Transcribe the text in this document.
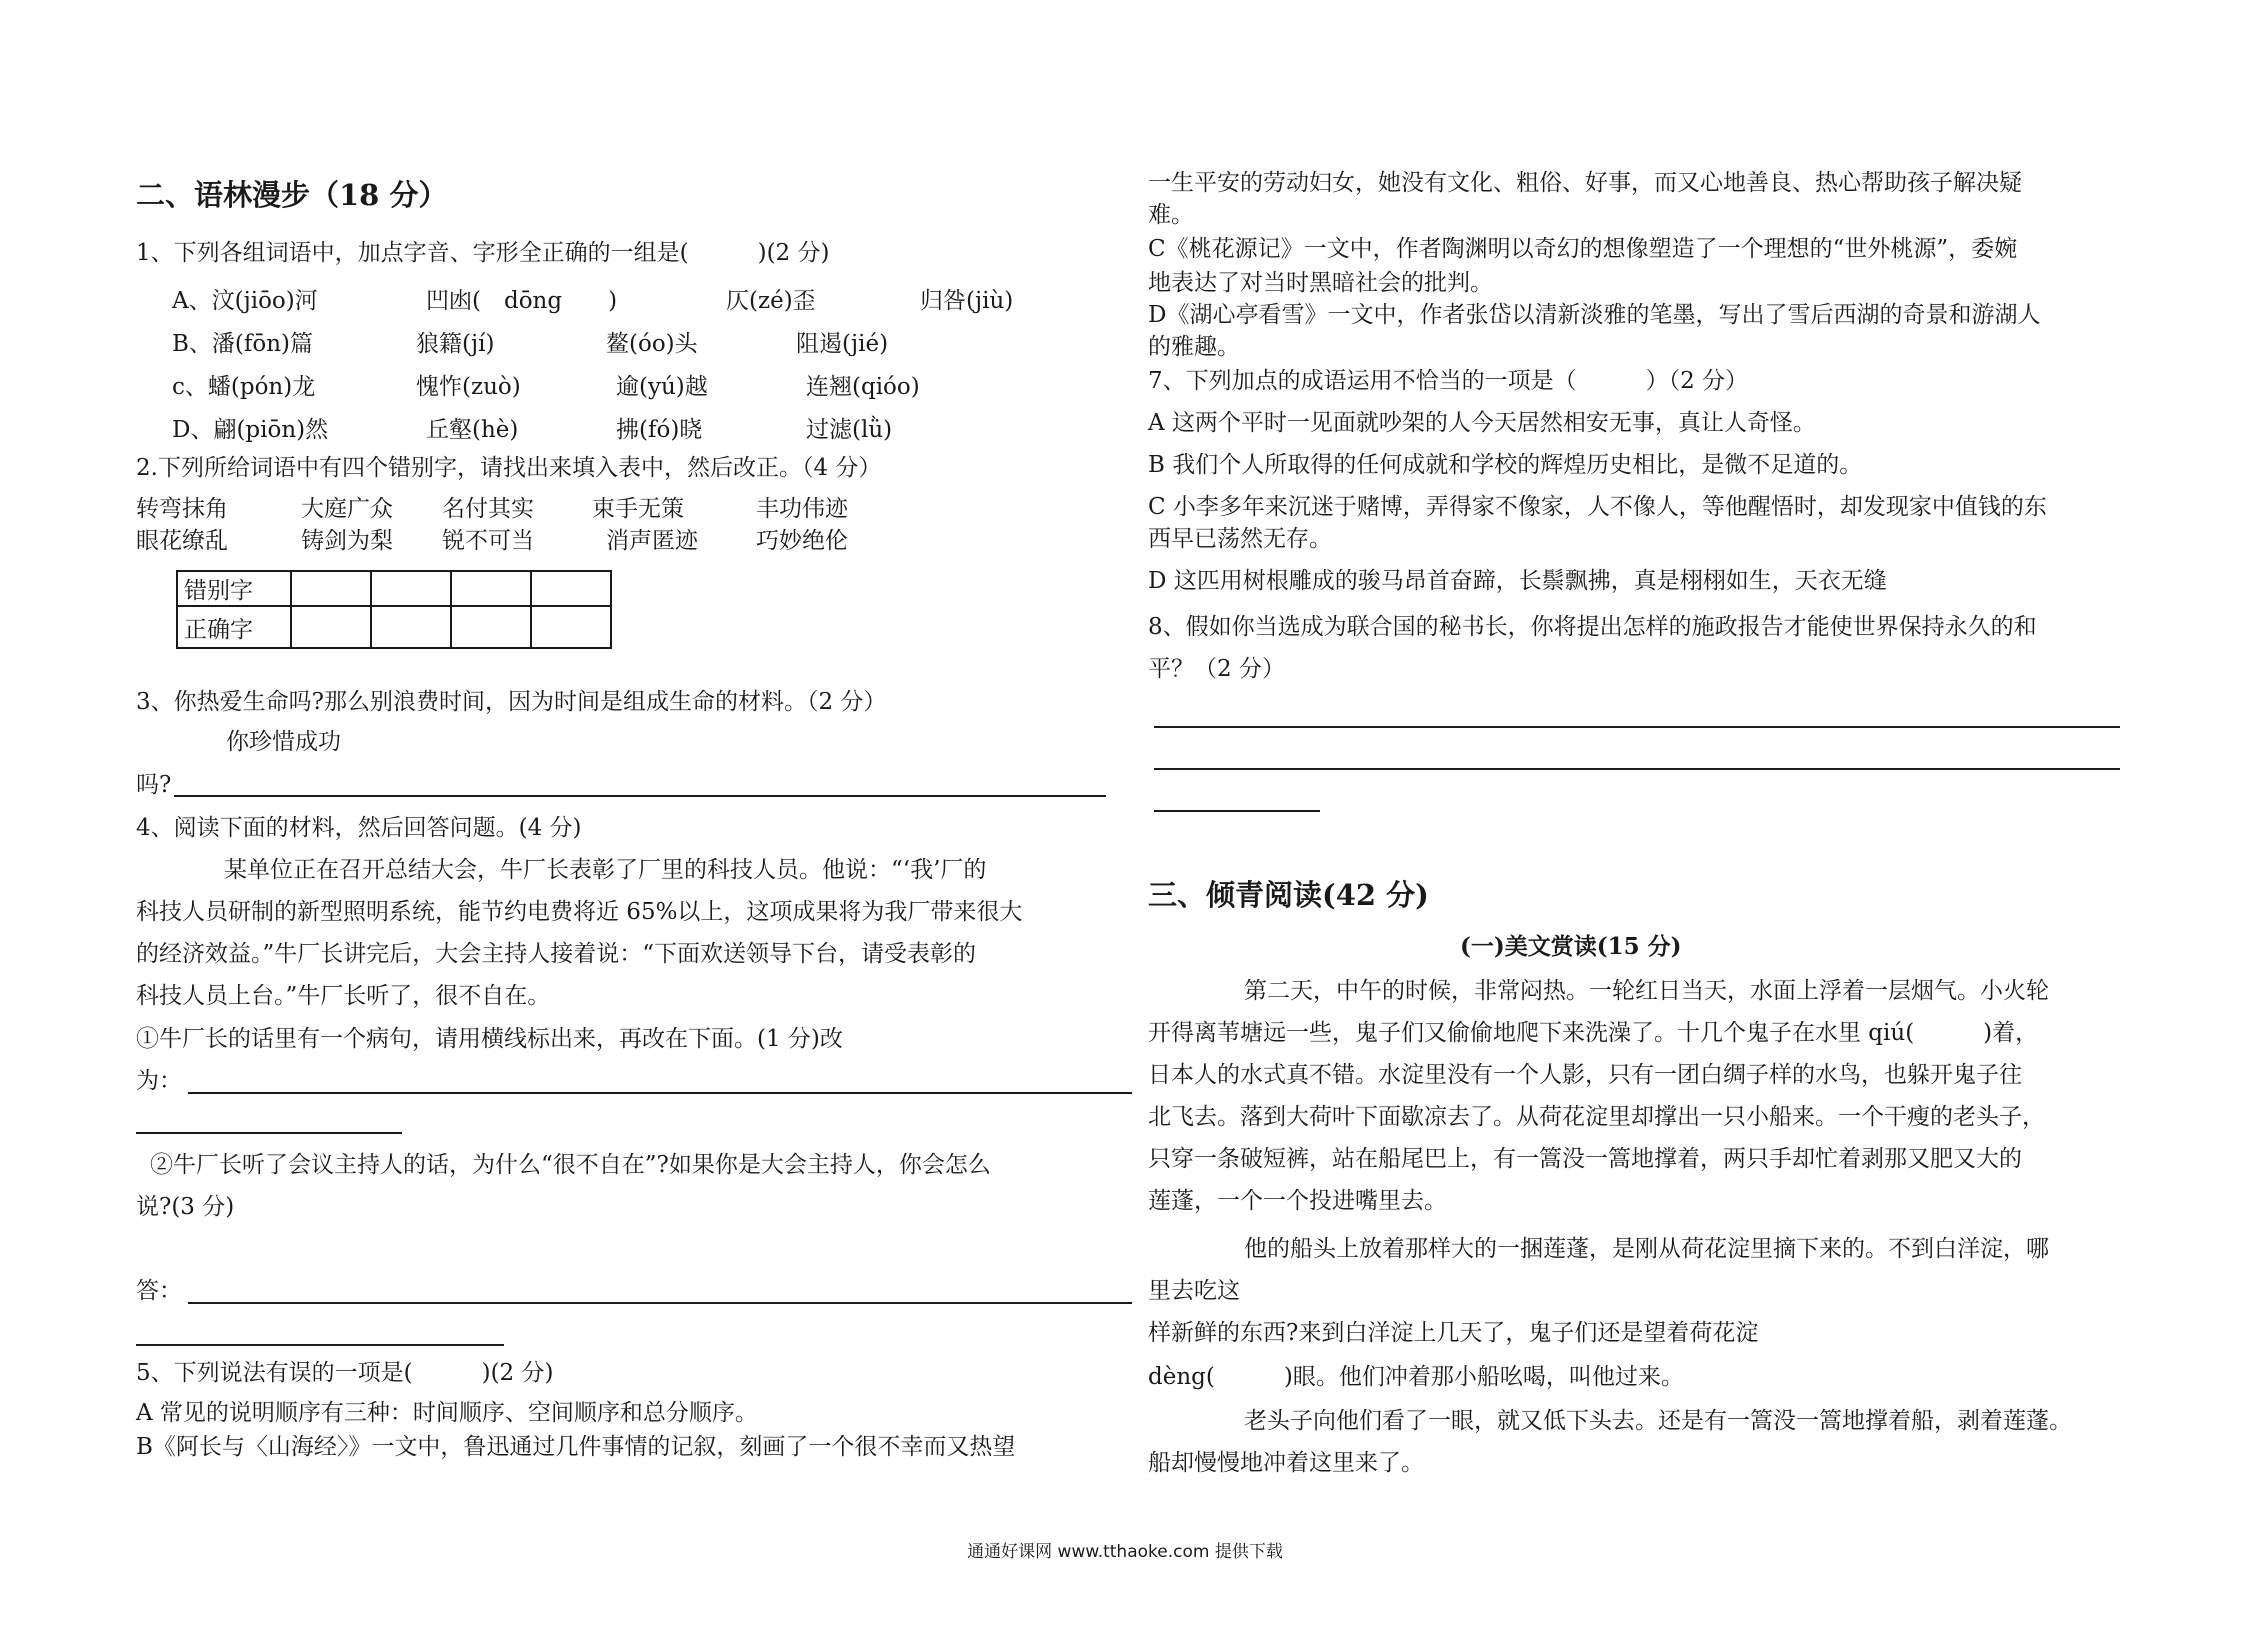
二、语林漫步（18 分）
1、下列各组词语中，加点字音、字形全正确的一组是(　　　)(2 分)
A、汶(jiōo)河	凹凼(　dōng　　)	仄(zé)歪	归咎(jiù)
B、潘(fōn)篇	狼籍(jí)	鳌(óo)头	阻遏(jié)
c、蟠(pón)龙	愧怍(zuò)	逾(yú)越	连翘(qióo)
D、翩(piōn)然	丘壑(hè)	拂(fó)晓	过滤(lǜ)
2.下列所给词语中有四个错别字，请找出来填入表中，然后改正。（4 分）
转弯抹角	大庭广众 名付其实	束手无策	丰功伟迹
眼花缭乱	铸剑为梨 锐不可当	消声匿迹	巧妙绝伦
错别字				
正确字				
3、你热爱生命吗?那么别浪费时间，因为时间是组成生命的材料。（2 分）
你珍惜成功
吗?
4、阅读下面的材料，然后回答问题。(4 分)
某单位正在召开总结大会，牛厂长表彰了厂里的科技人员。他说：“‘我’厂的
科技人员研制的新型照明系统，能节约电费将近 65%以上，这项成果将为我厂带来很大
的经济效益。”牛厂长讲完后，大会主持人接着说：“下面欢送领导下台，请受表彰的
科技人员上台。”牛厂长听了，很不自在。
①牛厂长的话里有一个病句，请用横线标出来，再改在下面。(1 分)改
为：
②牛厂长听了会议主持人的话，为什么“很不自在”?如果你是大会主持人，你会怎么
说?(3 分)
答：
5、下列说法有误的一项是(　　　)(2 分)
A 常见的说明顺序有三种：时间顺序、空间顺序和总分顺序。
B《阿长与〈山海经〉》一文中，鲁迅通过几件事情的记叙，刻画了一个很不幸而又热望
一生平安的劳动妇女，她没有文化、粗俗、好事，而又心地善良、热心帮助孩子解决疑
难。
C《桃花源记》一文中，作者陶渊明以奇幻的想像塑造了一个理想的“世外桃源”，委婉
地表达了对当时黑暗社会的批判。
D《湖心亭看雪》一文中，作者张岱以清新淡雅的笔墨，写出了雪后西湖的奇景和游湖人
的雅趣。
7、下列加点的成语运用不恰当的一项是（　　　）（2 分）
A 这两个平时一见面就吵架的人今天居然相安无事，真让人奇怪。
B 我们个人所取得的任何成就和学校的辉煌历史相比，是微不足道的。
C 小李多年来沉迷于赌博，弄得家不像家，人不像人，等他醒悟时，却发现家中值钱的东
西早已荡然无存。
D 这匹用树根雕成的骏马昂首奋蹄，长鬃飘拂，真是栩栩如生，天衣无缝
8、假如你当选成为联合国的秘书长，你将提出怎样的施政报告才能使世界保持永久的和
平？（2 分）
三、倾青阅读(42 分)
(一)美文赏读(15 分)
第二天，中午的时候，非常闷热。一轮红日当天，水面上浮着一层烟气。小火轮
开得离苇塘远一些，鬼子们又偷偷地爬下来洗澡了。十几个鬼子在水里 qiú(　　　)着，
日本人的水式真不错。水淀里没有一个人影，只有一团白绸子样的水鸟，也躲开鬼子往
北飞去。落到大荷叶下面歇凉去了。从荷花淀里却撑出一只小船来。一个干瘦的老头子，
只穿一条破短裤，站在船尾巴上，有一篙没一篙地撑着，两只手却忙着剥那又肥又大的
莲蓬，一个一个投进嘴里去。
他的船头上放着那样大的一捆莲蓬，是刚从荷花淀里摘下来的。不到白洋淀，哪
里去吃这
样新鲜的东西?来到白洋淀上几天了，鬼子们还是望着荷花淀
dèng(　　　)眼。他们冲着那小船吆喝，叫他过来。
老头子向他们看了一眼，就又低下头去。还是有一篙没一篙地撑着船，剥着莲蓬。
船却慢慢地冲着这里来了。
通通好课网 www.tthaoke.com 提供下载
